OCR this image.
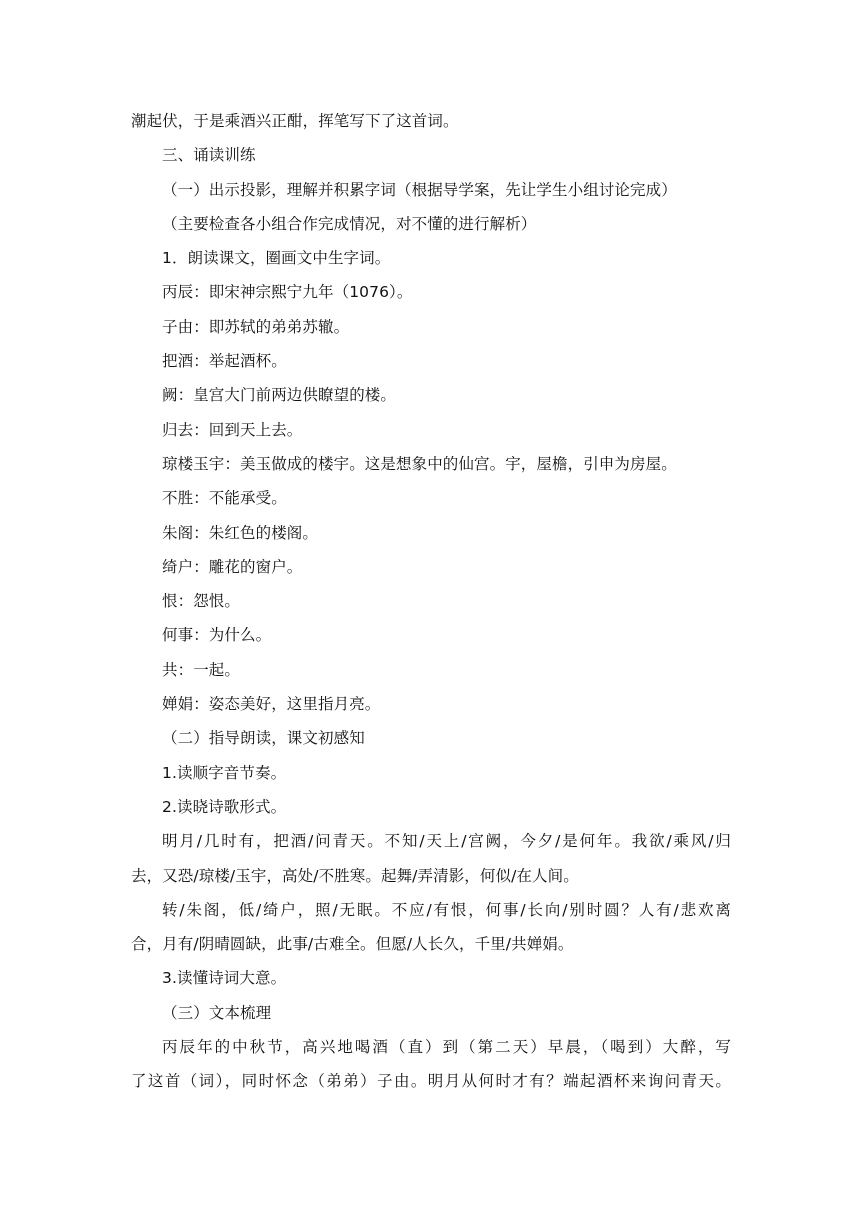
潮起伏，于是乘酒兴正酣，挥笔写下了这首词。
三、诵读训练
（一）出示投影，理解并积累字词（根据导学案，先让学生小组讨论完成）
（主要检查各小组合作完成情况，对不懂的进行解析）
1．朗读课文，圈画文中生字词。
丙辰：即宋神宗熙宁九年（1076）。
子由：即苏轼的弟弟苏辙。
把酒：举起酒杯。
阙：皇宫大门前两边供瞭望的楼。
归去：回到天上去。
琼楼玉宇：美玉做成的楼宇。这是想象中的仙宫。宇，屋檐，引申为房屋。
不胜：不能承受。
朱阁：朱红色的楼阁。
绮户：雕花的窗户。
恨：怨恨。
何事：为什么。
共：一起。
婵娟：姿态美好，这里指月亮。
（二）指导朗读，课文初感知
1.读顺字音节奏。
2.读晓诗歌形式。
明月/几时有，把酒/问青天。不知/天上/宫阙，今夕/是何年。我欲/乘风/归
去，又恐/琼楼/玉宇，高处/不胜寒。起舞/弄清影，何似/在人间。
转/朱阁，低/绮户，照/无眠。不应/有恨，何事/长向/别时圆？人有/悲欢离
合，月有/阴晴圆缺，此事/古难全。但愿/人长久，千里/共婵娟。
3.读懂诗词大意。
（三）文本梳理
丙辰年的中秋节，高兴地喝酒（直）到（第二天）早晨，（喝到）大醉，写
了这首（词），同时怀念（弟弟）子由。明月从何时才有？端起酒杯来询问青天。
